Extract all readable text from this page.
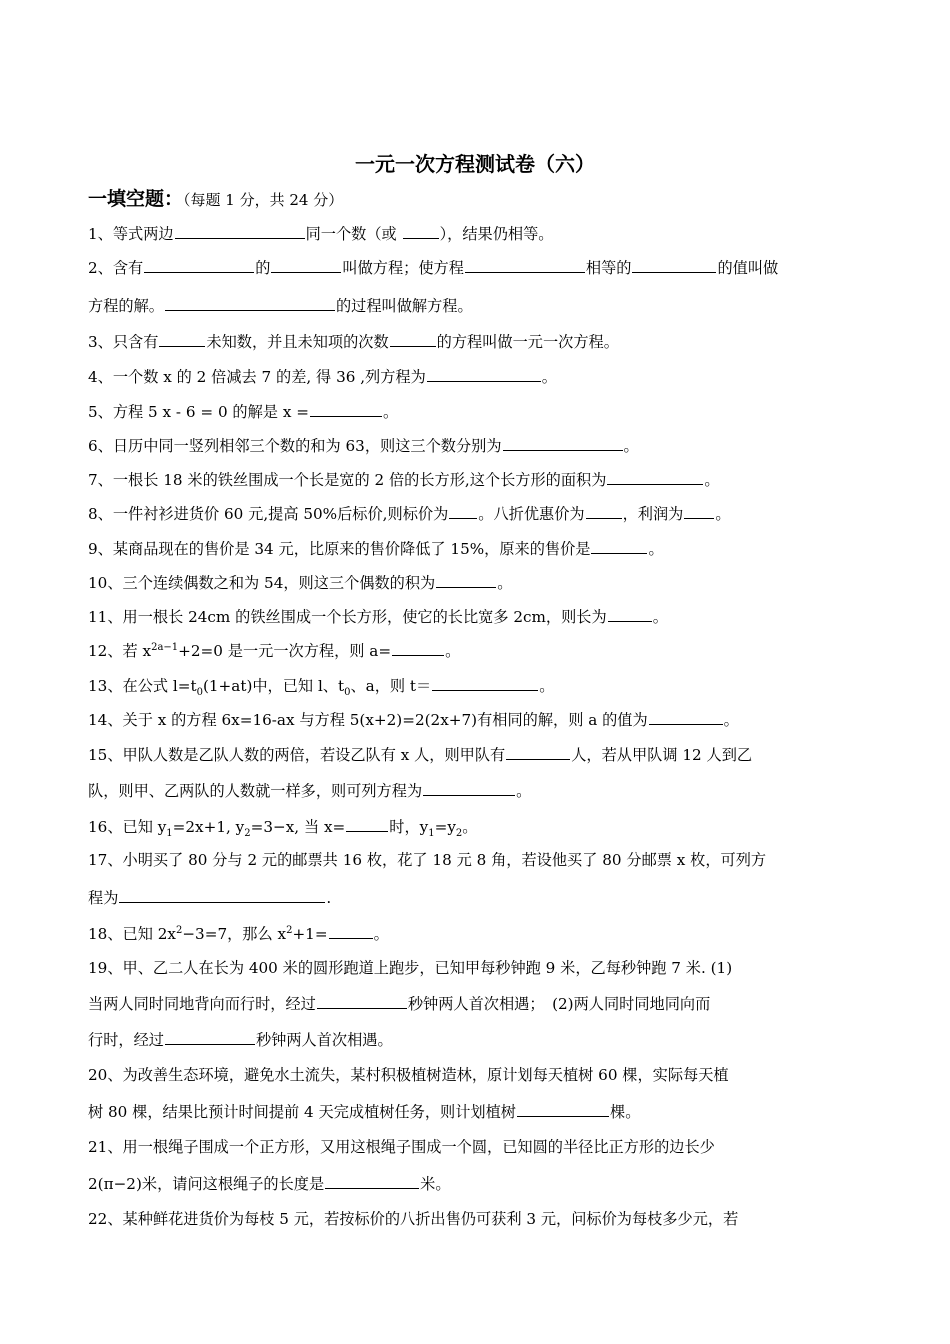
一元一次方程测试卷（六）
一填空题：（每题 1 分，共 24 分）
1、等式两边	同一个数（或	），结果仍相等。
2、含有	的	叫做方程；使方程	相等的	的值叫做
方程的解。	的过程叫做解方程。
3、只含有	未知数，并且未知项的次数	的方程叫做一元一次方程。
4、一个数 x 的 2 倍减去 7 的差, 得 36 ,列方程为	。
5、方程 5 x - 6 = 0 的解是 x =	。
6、日历中同一竖列相邻三个数的和为 63，则这三个数分别为	。
7、一根长 18 米的铁丝围成一个长是宽的 2 倍的长方形,这个长方形的面积为	。
8、一件衬衫进货价 60 元,提高 50%后标价,则标价为 。八折优惠价为	，利润为 。
9、某商品现在的售价是 34 元，比原来的售价降低了 15%，原来的售价是	。
10、三个连续偶数之和为 54，则这三个偶数的积为	。
11、用一根长 24cm 的铁丝围成一个长方形，使它的长比宽多 2cm，则长为	。
12、若 $x^{2a-1}+2=0$ 是一元一次方程，则 a=	。
13、在公式 $l=t_0(1+at)$中，已知 l、$t_0$、a，则 t＝	。
14、关于 x 的方程 6x=16-ax 与方程 5(x+2)=2(2x+7)有相同的解，则 a 的值为	。
15、甲队人数是乙队人数的两倍，若设乙队有 x 人，则甲队有	人，若从甲队调 12 人到乙
队，则甲、乙两队的人数就一样多，则可列方程为	。
16、已知 $y_1=2x+1$, $y_2=3-x$, 当 x=	时，$y_1=y_2$。
17、小明买了 80 分与 2 元的邮票共 16 枚，花了 18 元 8 角，若设他买了 80 分邮票 x 枚，可列方
程为	.
18、已知 $2x^2-3=7$，那么 $x^2+1=$	。
19、甲、乙二人在长为 400 米的圆形跑道上跑步，已知甲每秒钟跑 9 米，乙每秒钟跑 7 米. (1)
当两人同时同地背向而行时，经过	秒钟两人首次相遇；　(2)两人同时同地同向而
行时，经过	秒钟两人首次相遇。
20、为改善生态环境，避免水土流失，某村积极植树造林，原计划每天植树 60 棵，实际每天植
树 80 棵，结果比预计时间提前 4 天完成植树任务，则计划植树	棵。
21、用一根绳子围成一个正方形，又用这根绳子围成一个圆，已知圆的半径比正方形的边长少
2(π−2)米，请问这根绳子的长度是	米。
22、某种鲜花进货价为每枝 5 元，若按标价的八折出售仍可获利 3 元，问标价为每枝多少元，若
